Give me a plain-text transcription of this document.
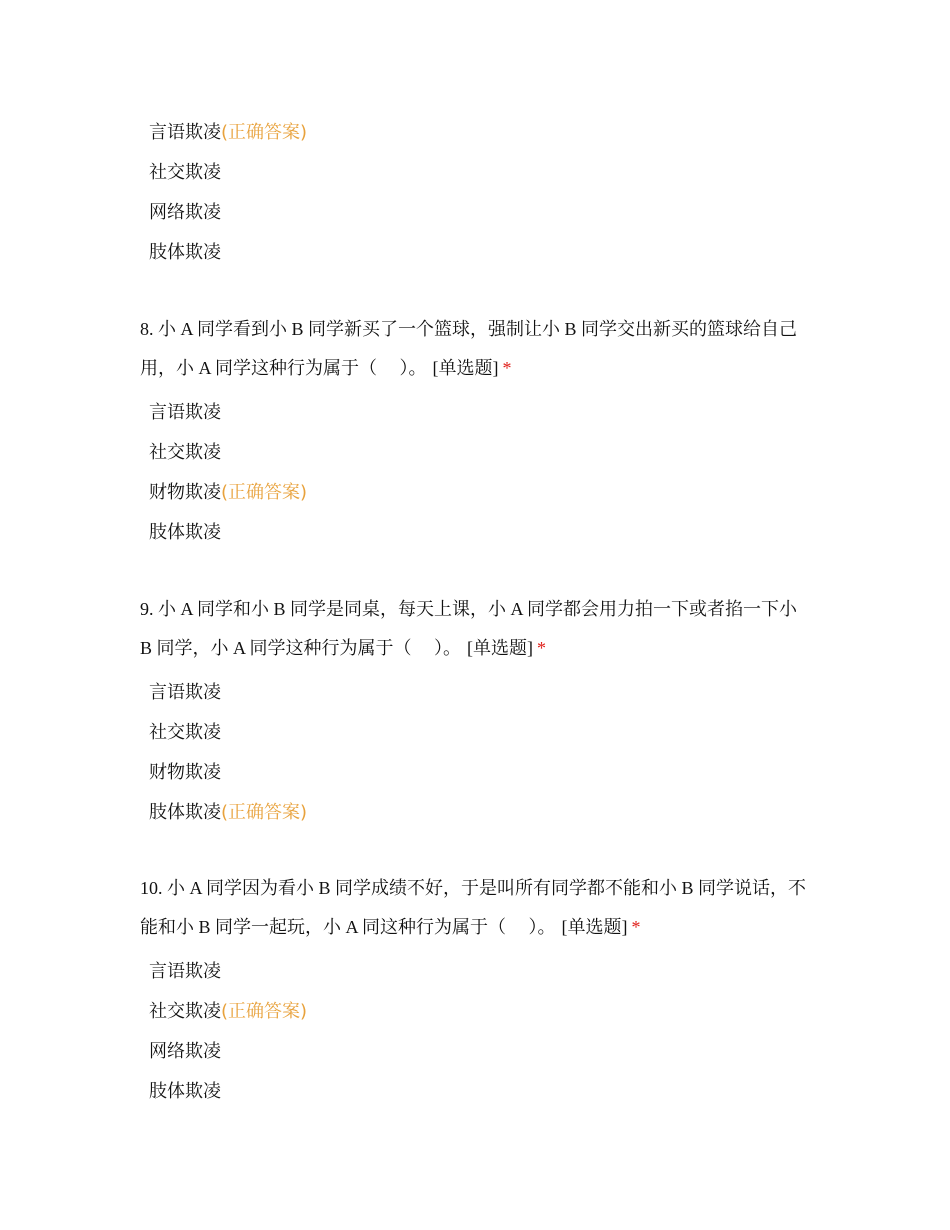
言语欺凌(正确答案)
社交欺凌
网络欺凌
肢体欺凌
8. 小 A 同学看到小 B 同学新买了一个篮球，强制让小 B 同学交出新买的篮球给自己用，小 A 同学这种行为属于（　 ）。 [单选题] *
言语欺凌
社交欺凌
财物欺凌(正确答案)
肢体欺凌
9. 小 A 同学和小 B 同学是同桌，每天上课，小 A 同学都会用力拍一下或者掐一下小 B 同学，小 A 同学这种行为属于（　 ）。 [单选题] *
言语欺凌
社交欺凌
财物欺凌
肢体欺凌(正确答案)
10. 小 A 同学因为看小 B 同学成绩不好，于是叫所有同学都不能和小 B 同学说话，不能和小 B 同学一起玩，小 A 同这种行为属于（　 ）。 [单选题] *
言语欺凌
社交欺凌(正确答案)
网络欺凌
肢体欺凌
